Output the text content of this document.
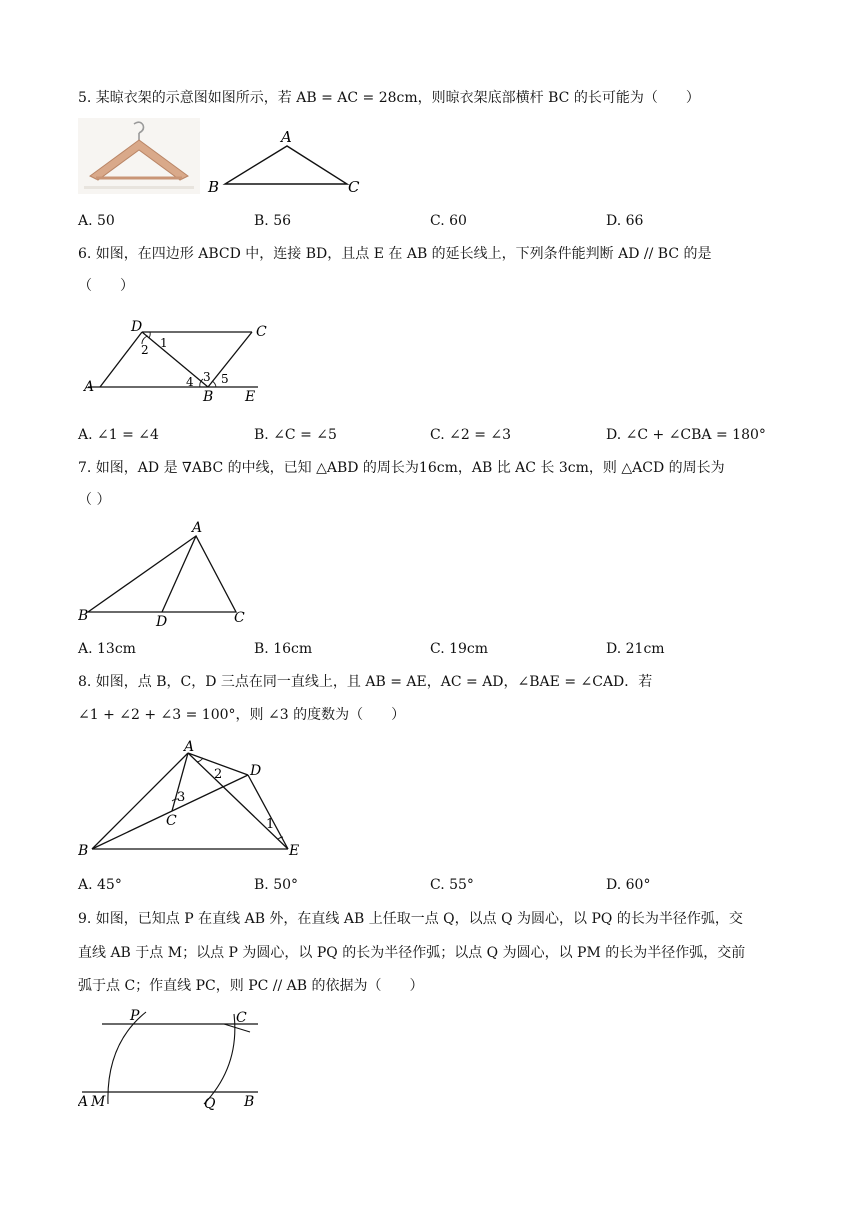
5. 某晾衣架的示意图如图所示，若 AB = AC = 28cm，则晾衣架底部横杆 BC 的长可能为（　　）
A
B	C
A. 50	B. 56	C. 60	D. 66
6. 如图，在四边形 ABCD 中，连接 BD，且点 E 在 AB 的延长线上，下列条件能判断 AD // BC 的是
（　　）
D	C
A
B E
1
2
3
4 5
A. ∠1 = ∠4	B. ∠C = ∠5	C. ∠2 = ∠3	D. ∠C + ∠CBA = 180°
7. 如图，AD 是 ∇ABC 的中线，已知 △ABD 的周长为16cm，AB 比 AC 长 3cm，则 △ACD 的周长为
（ ）
A
B	D	C
A. 13cm	B. 16cm	C. 19cm	D. 21cm
8. 如图，点 B，C，D 三点在同一直线上，且 AB = AE，AC = AD，∠BAE = ∠CAD．若
∠1 + ∠2 + ∠3 = 100°，则 ∠3 的度数为（　　）
A
D
C
B	E
1
2
3
A. 45°	B. 50°	C. 55°	D. 60°
9. 如图，已知点 P 在直线 AB 外，在直线 AB 上任取一点 Q，以点 Q 为圆心，以 PQ 的长为半径作弧，交
直线 AB 于点 M；以点 P 为圆心，以 PQ 的长为半径作弧；以点 Q 为圆心，以 PM 的长为半径作弧，交前
弧于点 C；作直线 PC，则 PC // AB 的依据为（　　）
P	C
A M	Q B
